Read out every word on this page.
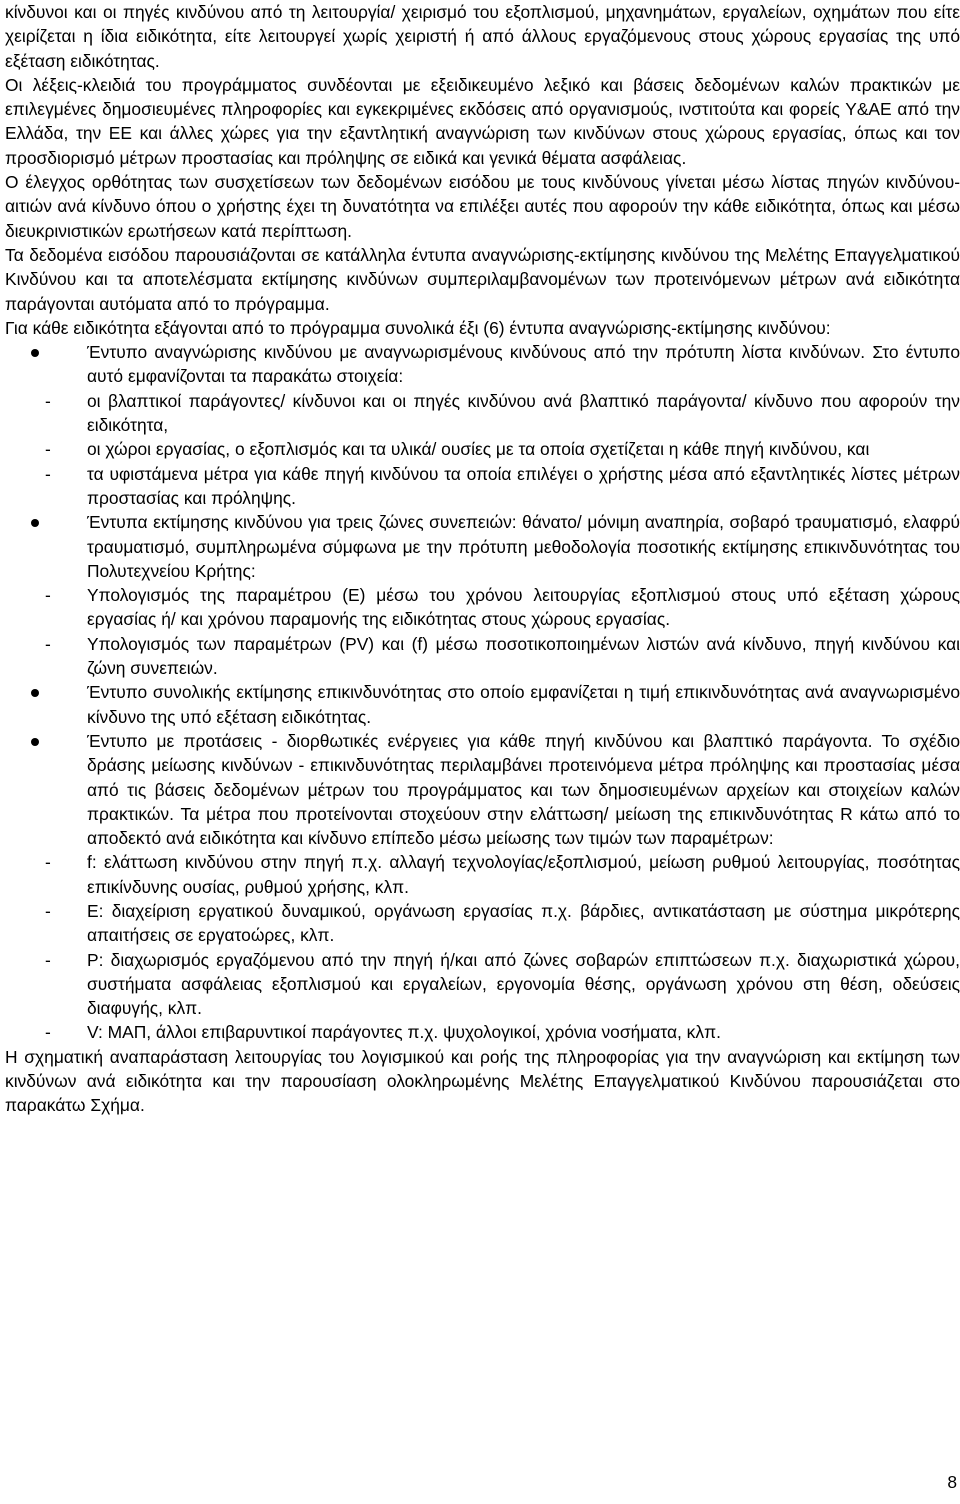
κίνδυνοι και οι πηγές κινδύνου από τη λειτουργία/ χειρισμό του εξοπλισμού, μηχανημάτων, εργαλείων, οχημάτων που είτε χειρίζεται η ίδια ειδικότητα, είτε λειτουργεί χωρίς χειριστή ή από άλλους εργαζόμενους στους χώρους εργασίας της υπό εξέταση ειδικότητας.

Οι λέξεις-κλειδιά του προγράμματος συνδέονται με εξειδικευμένο λεξικό και βάσεις δεδομένων καλών πρακτικών με επιλεγμένες δημοσιευμένες πληροφορίες και εγκεκριμένες εκδόσεις από οργανισμούς, ινστιτούτα και φορείς Υ&ΑΕ από την Ελλάδα, την ΕΕ και άλλες χώρες για την εξαντλητική αναγνώριση των κινδύνων στους χώρους εργασίας, όπως και τον προσδιορισμό μέτρων προστασίας και πρόληψης σε ειδικά και γενικά θέματα ασφάλειας.

Ο έλεγχος ορθότητας των συσχετίσεων των δεδομένων εισόδου με τους κινδύνους γίνεται μέσω λίστας πηγών κινδύνου-αιτιών ανά κίνδυνο όπου ο χρήστης έχει τη δυνατότητα να επιλέξει αυτές που αφορούν την κάθε ειδικότητα, όπως και μέσω διευκρινιστικών ερωτήσεων κατά περίπτωση.

Τα δεδομένα εισόδου παρουσιάζονται σε κατάλληλα έντυπα αναγνώρισης-εκτίμησης κινδύνου της Μελέτης Επαγγελματικού Κινδύνου και τα αποτελέσματα εκτίμησης κινδύνων συμπεριλαμβανομένων των προτεινόμενων μέτρων ανά ειδικότητα παράγονται αυτόματα από το πρόγραμμα.

Για κάθε ειδικότητα εξάγονται από το πρόγραμμα συνολικά έξι (6) έντυπα αναγνώρισης-εκτίμησης κινδύνου:

Έντυπο αναγνώρισης κινδύνου με αναγνωρισμένους κινδύνους από την πρότυπη λίστα κινδύνων. Στο έντυπο αυτό εμφανίζονται τα παρακάτω στοιχεία:
- οι βλαπτικοί παράγοντες/ κίνδυνοι και οι πηγές κινδύνου ανά βλαπτικό παράγοντα/ κίνδυνο που αφορούν την ειδικότητα,
- οι χώροι εργασίας, ο εξοπλισμός και τα υλικά/ ουσίες με τα οποία σχετίζεται η κάθε πηγή κινδύνου, και
- τα υφιστάμενα μέτρα για κάθε πηγή κινδύνου τα οποία επιλέγει ο χρήστης μέσα από εξαντλητικές λίστες μέτρων προστασίας και πρόληψης.
Έντυπα εκτίμησης κινδύνου για τρεις ζώνες συνεπειών: θάνατο/ μόνιμη αναπηρία, σοβαρό τραυματισμό, ελαφρύ τραυματισμό, συμπληρωμένα σύμφωνα με την πρότυπη μεθοδολογία ποσοτικής εκτίμησης επικινδυνότητας του Πολυτεχνείου Κρήτης:
- Υπολογισμός της παραμέτρου (Ε) μέσω του χρόνου λειτουργίας εξοπλισμού στους υπό εξέταση χώρους εργασίας ή/ και χρόνου παραμονής της ειδικότητας στους χώρους εργασίας.
- Υπολογισμός των παραμέτρων (PV) και (f) μέσω ποσοτικοποιημένων λιστών ανά κίνδυνο, πηγή κινδύνου και ζώνη συνεπειών.
Έντυπο συνολικής εκτίμησης επικινδυνότητας στο οποίο εμφανίζεται η τιμή επικινδυνότητας ανά αναγνωρισμένο κίνδυνο της υπό εξέταση ειδικότητας.
Έντυπο με προτάσεις - διορθωτικές ενέργειες για κάθε πηγή κινδύνου και βλαπτικό παράγοντα. Το σχέδιο δράσης μείωσης κινδύνων - επικινδυνότητας περιλαμβάνει προτεινόμενα μέτρα πρόληψης και προστασίας μέσα από τις βάσεις δεδομένων μέτρων του προγράμματος και των δημοσιευμένων αρχείων και στοιχείων καλών πρακτικών. Τα μέτρα που προτείνονται στοχεύουν στην ελάττωση/ μείωση της επικινδυνότητας R κάτω από το αποδεκτό ανά ειδικότητα και κίνδυνο επίπεδο μέσω μείωσης των τιμών των παραμέτρων:
- f: ελάττωση κινδύνου στην πηγή π.χ. αλλαγή τεχνολογίας/εξοπλισμού, μείωση ρυθμού λειτουργίας, ποσότητας επικίνδυνης ουσίας, ρυθμού χρήσης, κλπ.
- Ε: διαχείριση εργατικού δυναμικού, οργάνωση εργασίας π.χ. βάρδιες, αντικατάσταση με σύστημα μικρότερης απαιτήσεις σε εργατοώρες, κλπ.
- P: διαχωρισμός εργαζόμενου από την πηγή ή/και από ζώνες σοβαρών επιπτώσεων π.χ. διαχωριστικά χώρου, συστήματα ασφάλειας εξοπλισμού και εργαλείων, εργονομία θέσης, οργάνωση χρόνου στη θέση, οδεύσεις διαφυγής, κλπ.
- V: ΜΑΠ, άλλοι επιβαρυντικοί παράγοντες π.χ. ψυχολογικοί, χρόνια νοσήματα, κλπ.

Η σχηματική αναπαράσταση λειτουργίας του λογισμικού και ροής της πληροφορίας για την αναγνώριση και εκτίμηση των κινδύνων ανά ειδικότητα και την παρουσίαση ολοκληρωμένης Μελέτης Επαγγελματικού Κινδύνου παρουσιάζεται στο παρακάτω Σχήμα.

8
